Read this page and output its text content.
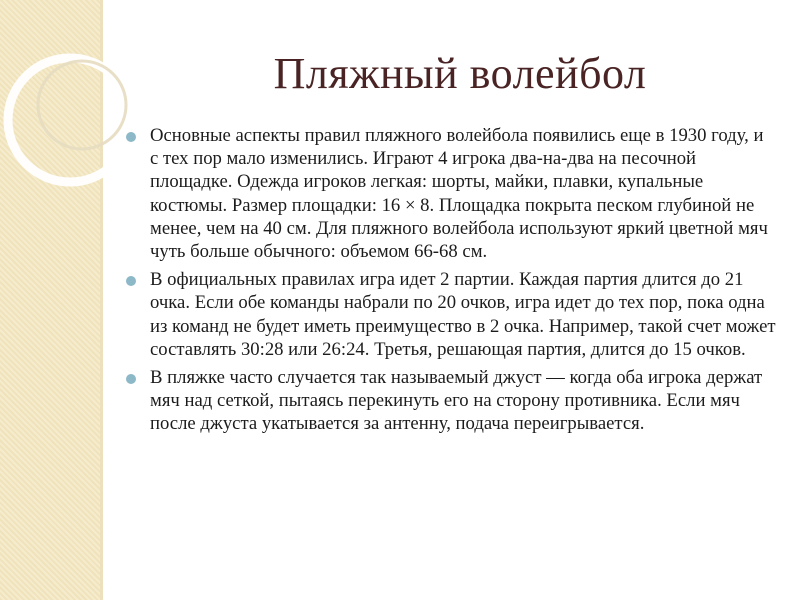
Пляжный волейбол
Основные аспекты правил пляжного волейбола появились еще в 1930 году, и с тех пор мало изменились. Играют 4 игрока два-на-два на песочной площадке. Одежда игроков легкая: шорты, майки, плавки, купальные костюмы. Размер площадки: 16 × 8. Площадка покрыта песком глубиной не менее, чем на 40 см. Для пляжного волейбола используют яркий цветной мяч чуть больше обычного: объемом 66-68 см.
В официальных правилах игра идет 2 партии. Каждая партия длится до 21 очка. Если обе команды набрали по 20 очков, игра идет до тех пор, пока одна из команд не будет иметь преимущество в 2 очка. Например, такой счет может составлять 30:28 или 26:24. Третья, решающая партия, длится до 15 очков.
В пляжке часто случается так называемый джуст — когда оба игрока держат мяч над сеткой, пытаясь перекинуть его на сторону противника. Если мяч после джуста укатывается за антенну, подача переигрывается.
